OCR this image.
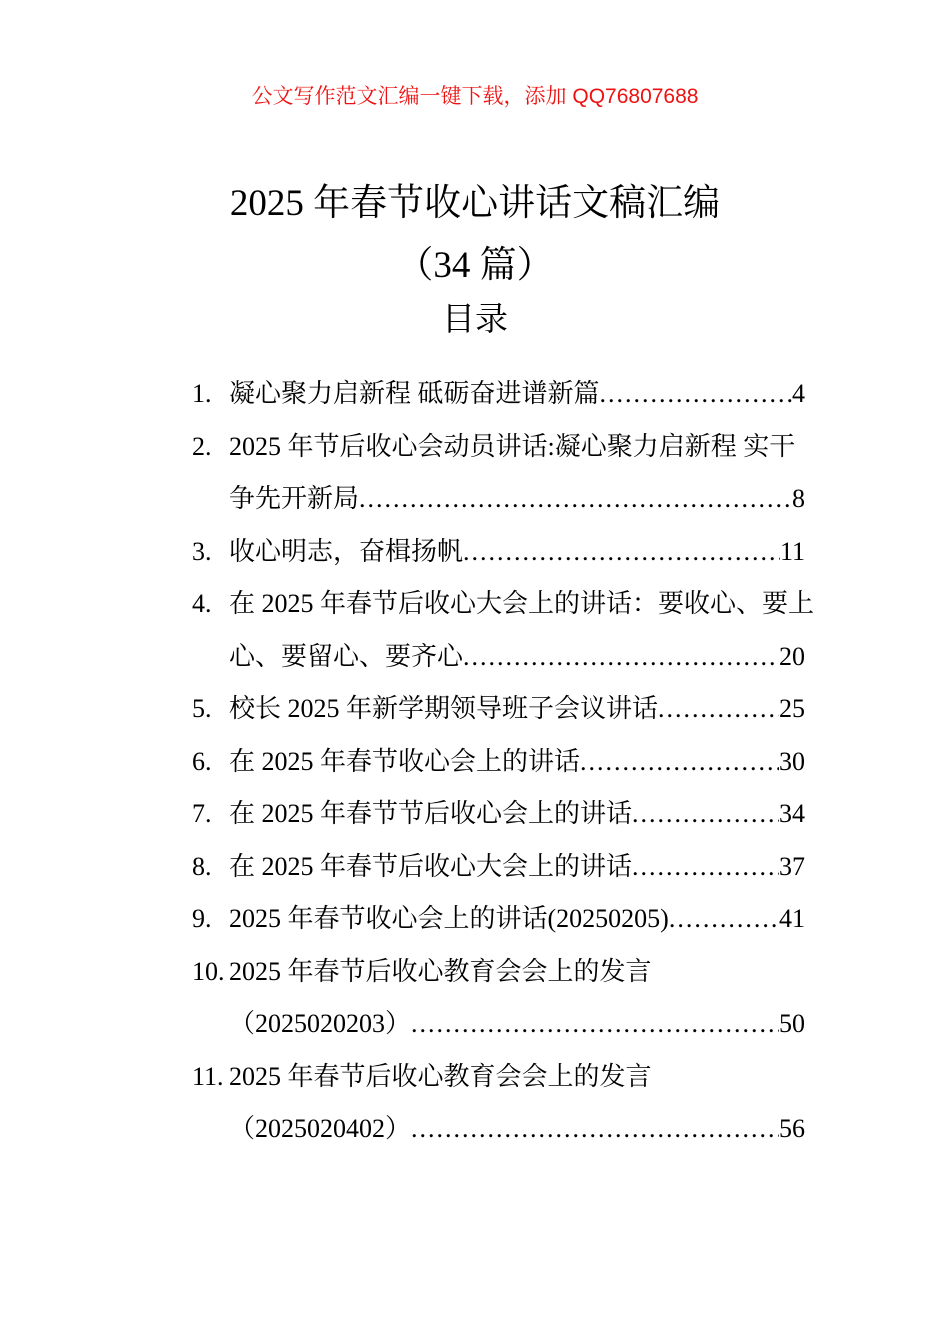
公文写作范文汇编一键下载，添加 QQ76807688
2025 年春节收心讲话文稿汇编
（34 篇）
目录
1. 凝心聚力启新程 砥砺奋进谱新篇 .....	4
2. 2025 年节后收心会动员讲话:凝心聚力启新程 实干
争先开新局 .....	8
3. 收心明志，奋楫扬帆 .....	11
4. 在 2025 年春节后收心大会上的讲话：要收心、要上
心、要留心、要齐心 .....	20
5. 校长 2025 年新学期领导班子会议讲话 .....	25
6. 在 2025 年春节收心会上的讲话 .....	30
7. 在 2025 年春节节后收心会上的讲话 .....	34
8. 在 2025 年春节后收心大会上的讲话 .....	37
9. 2025 年春节收心会上的讲话(20250205) .....	41
10. 2025 年春节后收心教育会会上的发言
（2025020203） .....	50
11. 2025 年春节后收心教育会会上的发言
（2025020402） .....	56
